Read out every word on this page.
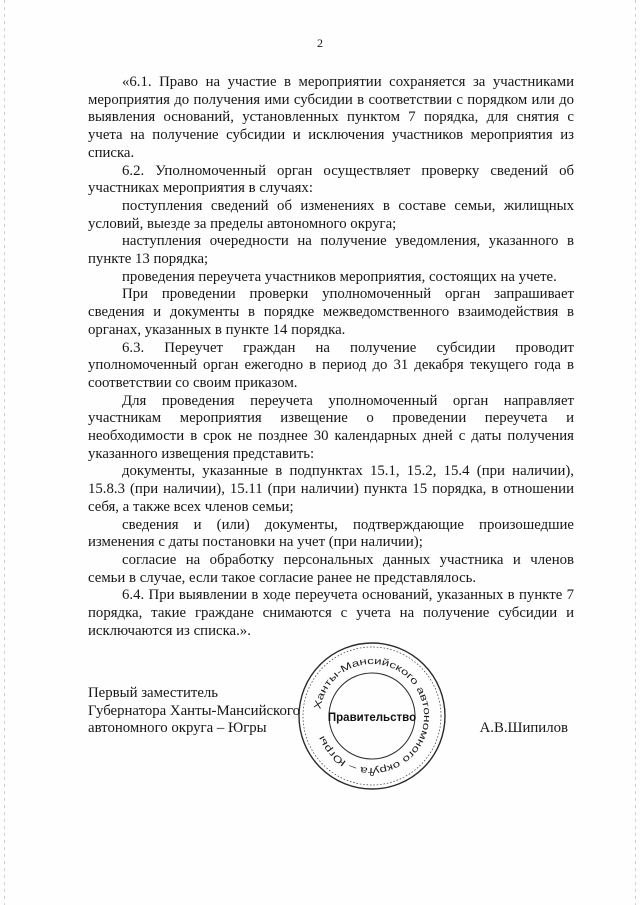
2

«6.1. Право на участие в мероприятии сохраняется за участниками мероприятия до получения ими субсидии в соответствии с порядком или до выявления оснований, установленных пунктом 7 порядка, для снятия с учета на получение субсидии и исключения участников мероприятия из списка.

6.2. Уполномоченный орган осуществляет проверку сведений об участниках мероприятия в случаях:

поступления сведений об изменениях в составе семьи, жилищных условий, выезде за пределы автономного округа;

наступления очередности на получение уведомления, указанного в пункте 13 порядка;

проведения переучета участников мероприятия, состоящих на учете.

При проведении проверки уполномоченный орган запрашивает сведения и документы в порядке межведомственного взаимодействия в органах, указанных в пункте 14 порядка.

6.3. Переучет граждан на получение субсидии проводит уполномоченный орган ежегодно в период до 31 декабря текущего года в соответствии со своим приказом.

Для проведения переучета уполномоченный орган направляет участникам мероприятия извещение о проведении переучета и необходимости в срок не позднее 30 календарных дней с даты получения указанного извещения представить:

документы, указанные в подпунктах 15.1, 15.2, 15.4 (при наличии), 15.8.3 (при наличии), 15.11 (при наличии) пункта 15 порядка, в отношении себя, а также всех членов семьи;

сведения и (или) документы, подтверждающие произошедшие изменения с даты постановки на учет (при наличии);

согласие на обработку персональных данных участника и членов семьи в случае, если такое согласие ранее не представлялось.

6.4. При выявлении в ходе переучета оснований, указанных в пункте 7 порядка, такие граждане снимаются с учета на получение субсидии и исключаются из списка.».

Первый заместитель
Губернатора Ханты-Мансийского
автономного округа – Югры	А.В.Шипилов
Ханты-Мансийского автономного округа – Югры
Правительство
